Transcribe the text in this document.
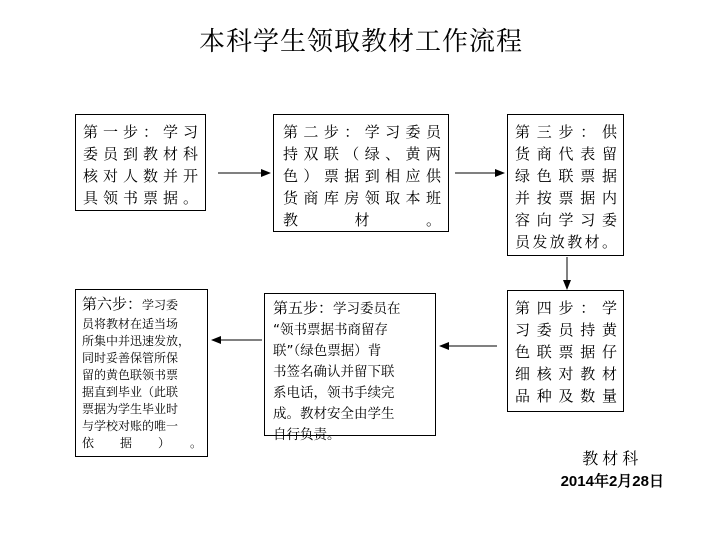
本科学生领取教材工作流程
第一步：学习
委员到教材科
核对人数并开
具领书票据。
第二步：学习委员
持双联（绿、黄两
色）票据到相应供
货商库房领取本班
教　　材　　。
第三步：供
货商代表留
绿色联票据
并按票据内
容向学习委
员发放教材。
第四步：学
习委员持黄
色联票据仔
细核对教材
品种及数量
第五步：学习委员在
“领书票据书商留存
联”（绿色票据）背
书签名确认并留下联
系电话，领书手续完
成。教材安全由学生
自行负责。
第六步：学习委
员将教材在适当场
所集中并迅速发放，
同时妥善保管所保
留的黄色联领书票
据直到毕业（此联
票据为学生毕业时
与学校对账的唯一
依　据　）　。
教材科
2014年2月28日
